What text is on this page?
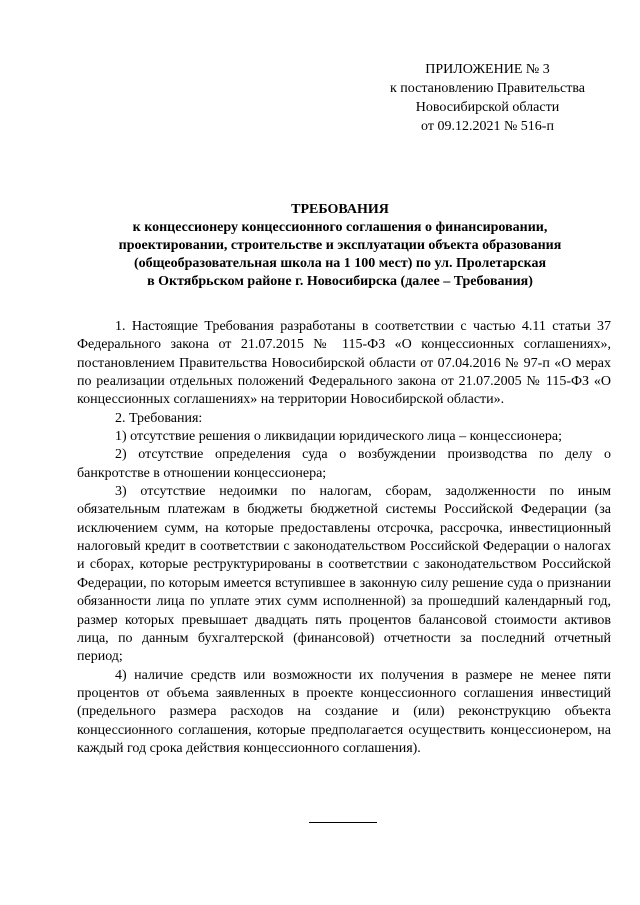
ПРИЛОЖЕНИЕ № 3
к постановлению Правительства
Новосибирской области
от 09.12.2021 № 516-п
ТРЕБОВАНИЯ
к концессионеру концессионного соглашения о финансировании,
проектировании, строительстве и эксплуатации объекта образования
(общеобразовательная школа на 1 100 мест) по ул. Пролетарская
в Октябрьском районе г. Новосибирска (далее – Требования)

1. Настоящие Требования разработаны в соответствии с частью 4.11 статьи 37 Федерального закона от 21.07.2015 № 115-ФЗ «О концессионных соглашениях», постановлением Правительства Новосибирской области от 07.04.2016 № 97-п «О мерах по реализации отдельных положений Федерального закона от 21.07.2005 № 115-ФЗ «О концессионных соглашениях» на территории Новосибирской области».

2. Требования:

1) отсутствие решения о ликвидации юридического лица – концессионера;

2) отсутствие определения суда о возбуждении производства по делу о банкротстве в отношении концессионера;

3) отсутствие недоимки по налогам, сборам, задолженности по иным обязательным платежам в бюджеты бюджетной системы Российской Федерации (за исключением сумм, на которые предоставлены отсрочка, рассрочка, инвестиционный налоговый кредит в соответствии с законодательством Российской Федерации о налогах и сборах, которые реструктурированы в соответствии с законодательством Российской Федерации, по которым имеется вступившее в законную силу решение суда о признании обязанности лица по уплате этих сумм исполненной) за прошедший календарный год, размер которых превышает двадцать пять процентов балансовой стоимости активов лица, по данным бухгалтерской (финансовой) отчетности за последний отчетный период;

4) наличие средств или возможности их получения в размере не менее пяти процентов от объема заявленных в проекте концессионного соглашения инвестиций (предельного размера расходов на создание и (или) реконструкцию объекта концессионного соглашения, которые предполагается осуществить концессионером, на каждый год срока действия концессионного соглашения).
